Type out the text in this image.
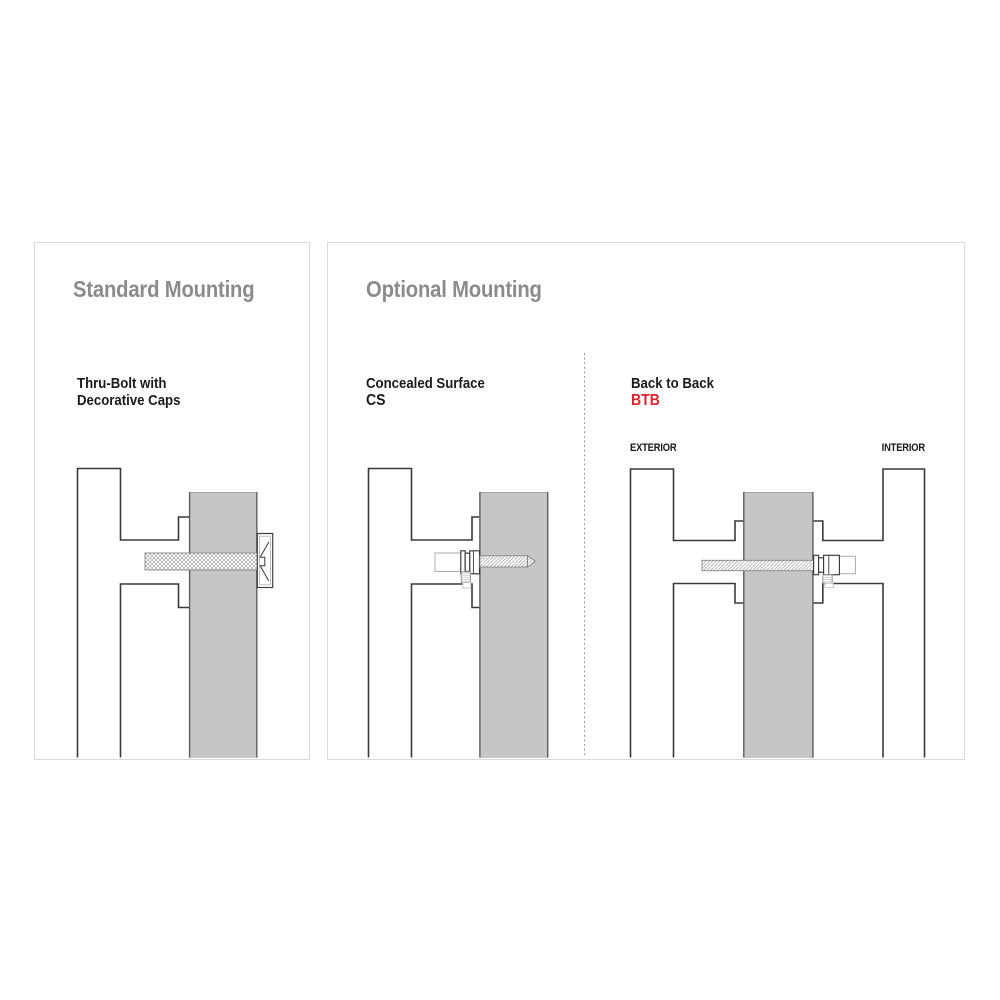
Standard Mounting
Thru-Bolt with
Decorative Caps
Optional Mounting
Concealed Surface
CS
Back to Back
BTB
EXTERIOR	INTERIOR
